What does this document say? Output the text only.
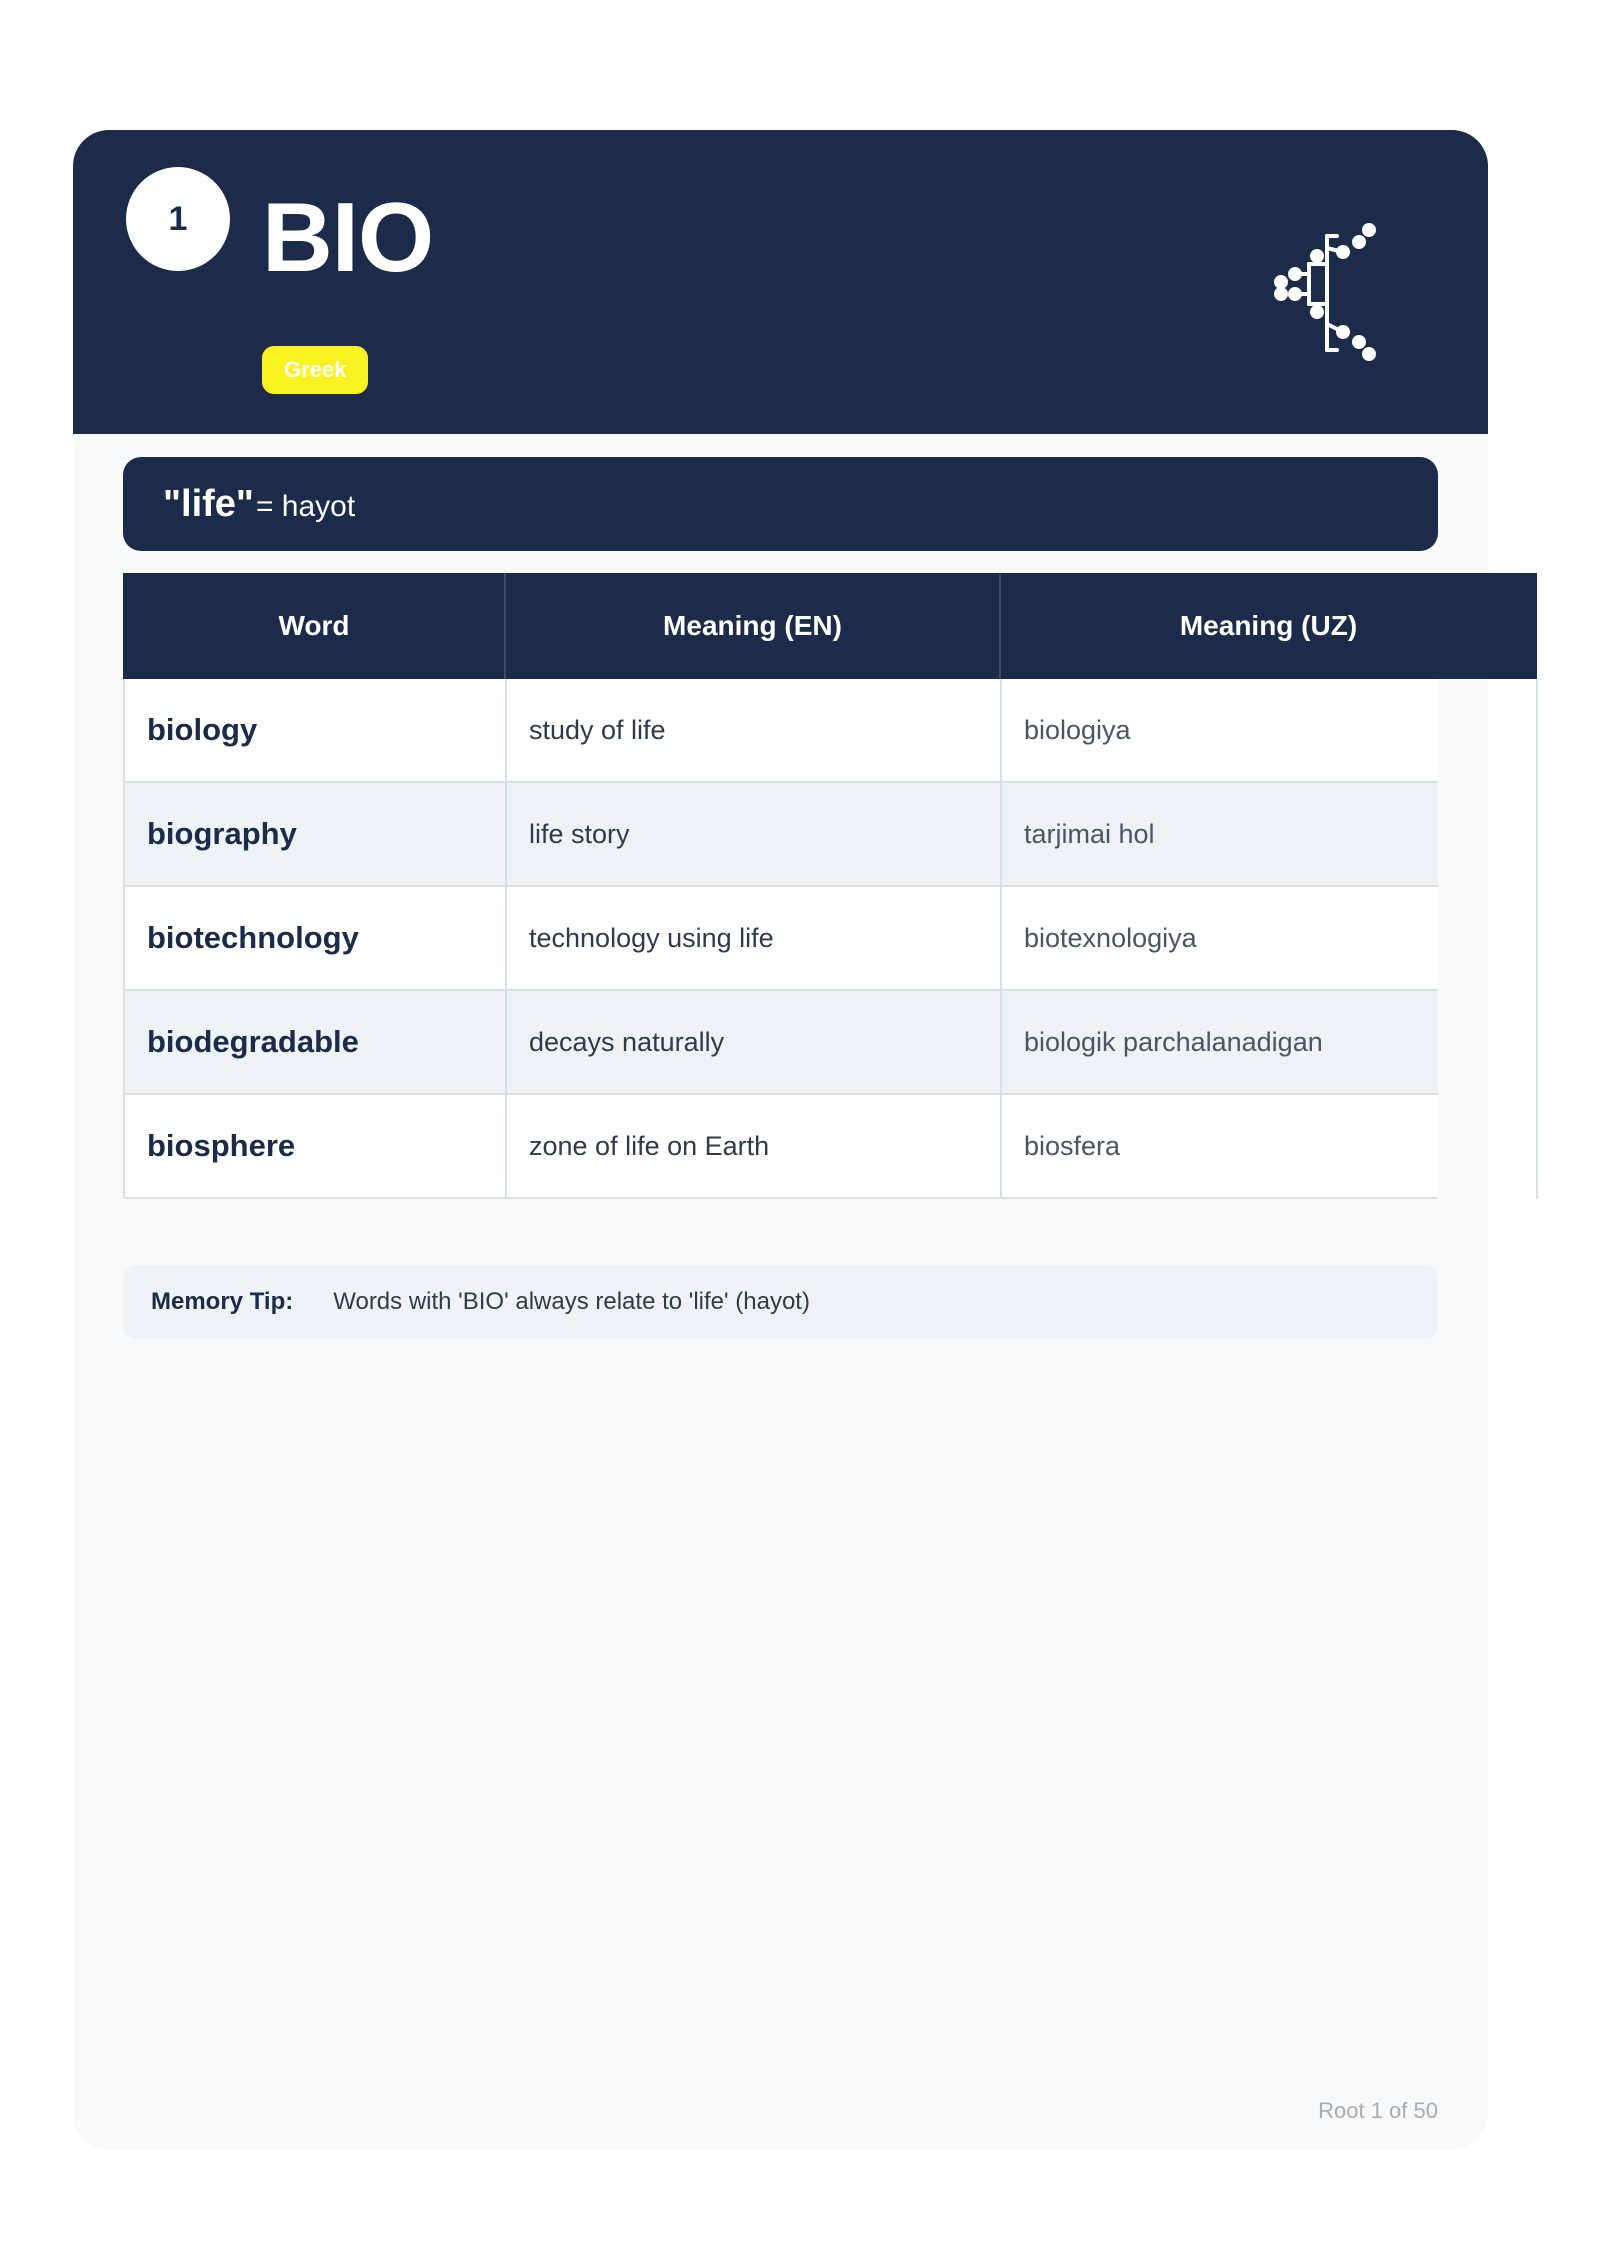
1 BIO
Greek
"life" = hayot
Word	Meaning (EN)	Meaning (UZ)
biology	study of life	biologiya
biography	life story	tarjimai hol
biotechnology	technology using life	biotexnologiya
biodegradable	decays naturally	biologik parchalanadigan
biosphere	zone of life on Earth	biosfera
Memory Tip: Words with 'BIO' always relate to 'life' (hayot)
Root 1 of 50
